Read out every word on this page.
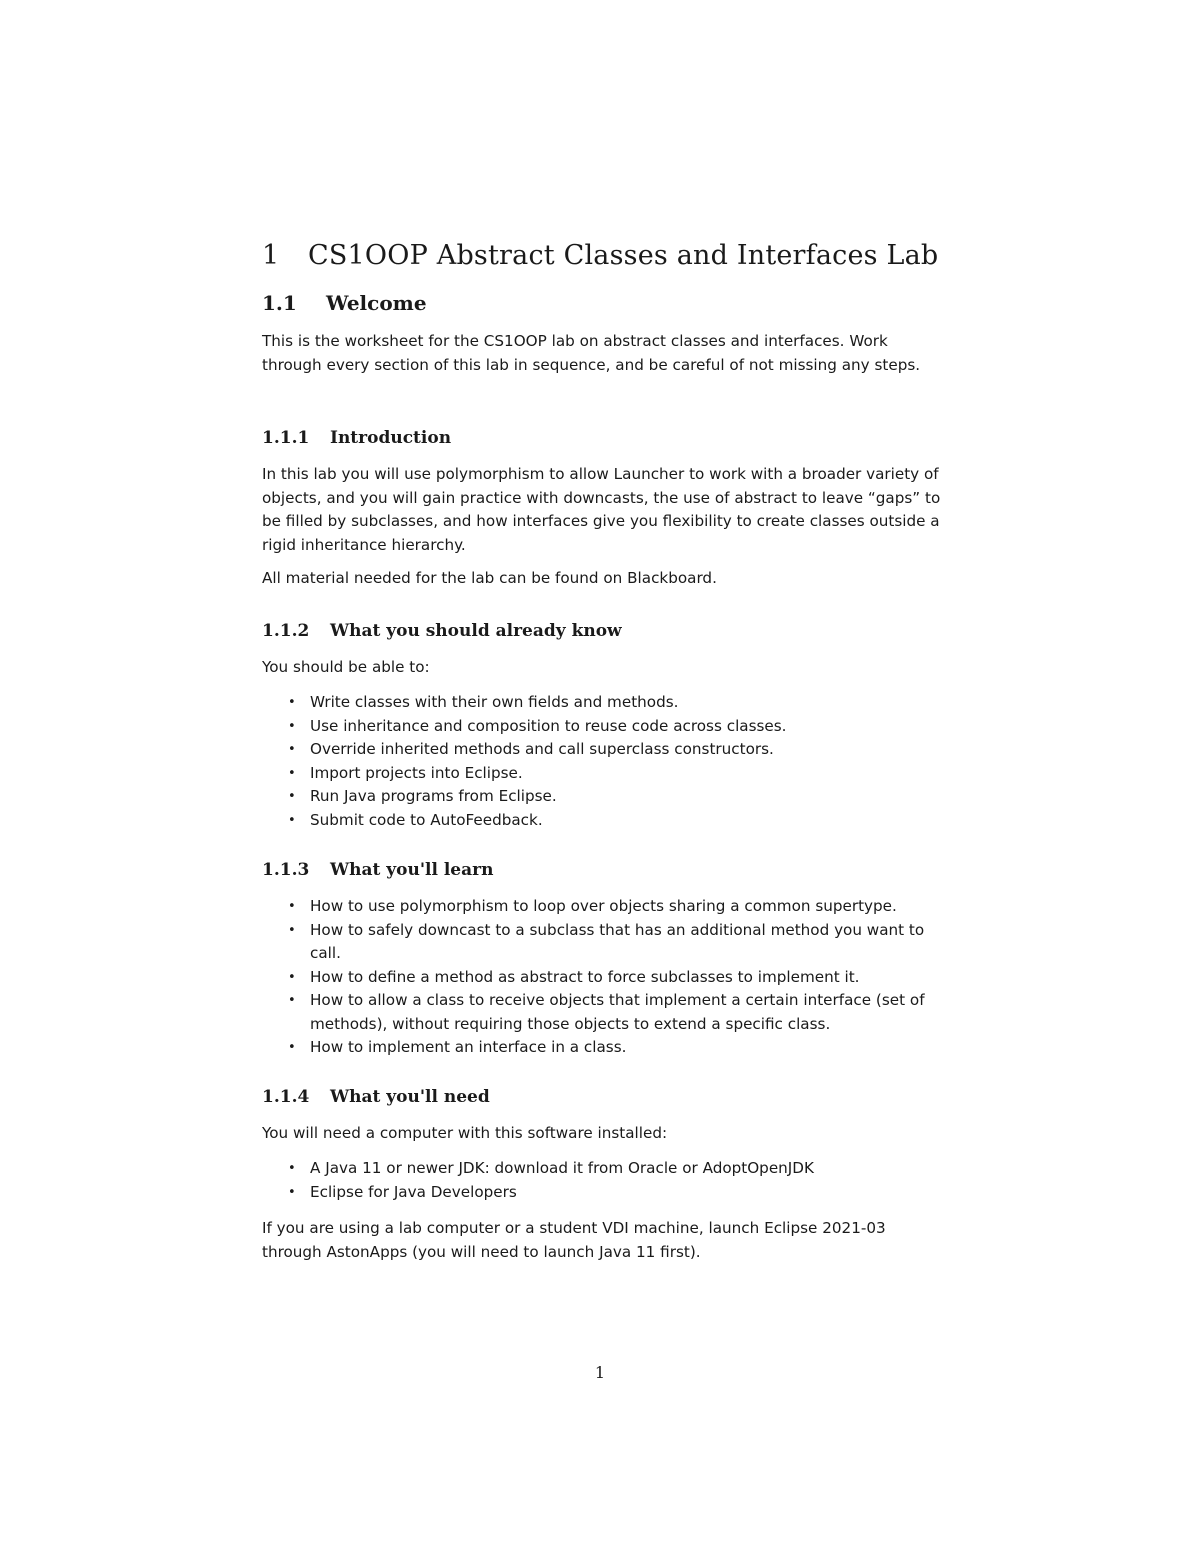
1 CS1OOP Abstract Classes and Interfaces Lab
1.1 Welcome

This is the worksheet for the CS1OOP lab on abstract classes and interfaces. Work through every section of this lab in sequence, and be careful of not missing any steps.

1.1.1 Introduction

In this lab you will use polymorphism to allow Launcher to work with a broader variety of objects, and you will gain practice with downcasts, the use of abstract to leave “gaps” to be filled by subclasses, and how interfaces give you flexibility to create classes outside a rigid inheritance hierarchy.

All material needed for the lab can be found on Blackboard.

1.1.2 What you should already know

You should be able to:

• Write classes with their own fields and methods.
• Use inheritance and composition to reuse code across classes.
• Override inherited methods and call superclass constructors.
• Import projects into Eclipse.
• Run Java programs from Eclipse.
• Submit code to AutoFeedback.
1.1.3 What you'll learn
• How to use polymorphism to loop over objects sharing a common supertype.
• How to safely downcast to a subclass that has an additional method you want to call.
• How to define a method as abstract to force subclasses to implement it.
• How to allow a class to receive objects that implement a certain interface (set of methods), without requiring those objects to extend a specific class.
• How to implement an interface in a class.
1.1.4 What you'll need

You will need a computer with this software installed:

• A Java 11 or newer JDK: download it from Oracle or AdoptOpenJDK
• Eclipse for Java Developers

If you are using a lab computer or a student VDI machine, launch Eclipse 2021-03 through AstonApps (you will need to launch Java 11 first).

1
